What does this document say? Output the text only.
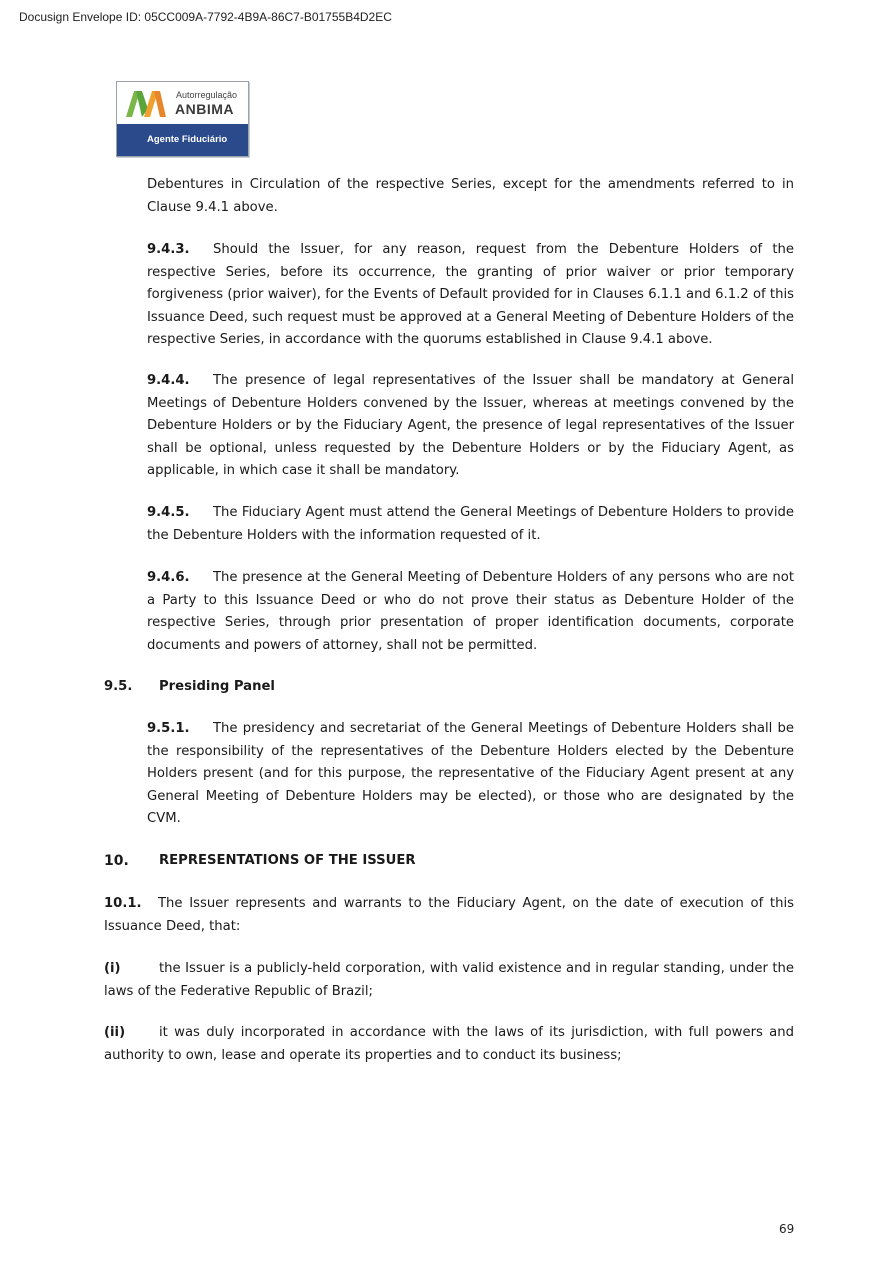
Docusign Envelope ID: 05CC009A-7792-4B9A-86C7-B01755B4D2EC
Autorregulação
ANBIMA
Agente Fiduciário

Debentures in Circulation of the respective Series, except for the amendments referred to in Clause 9.4.1 above.

9.4.3. Should the Issuer, for any reason, request from the Debenture Holders of the respective Series, before its occurrence, the granting of prior waiver or prior temporary forgiveness (prior waiver), for the Events of Default provided for in Clauses 6.1.1 and 6.1.2 of this Issuance Deed, such request must be approved at a General Meeting of Debenture Holders of the respective Series, in accordance with the quorums established in Clause 9.4.1 above.

9.4.4. The presence of legal representatives of the Issuer shall be mandatory at General Meetings of Debenture Holders convened by the Issuer, whereas at meetings convened by the Debenture Holders or by the Fiduciary Agent, the presence of legal representatives of the Issuer shall be optional, unless requested by the Debenture Holders or by the Fiduciary Agent, as applicable, in which case it shall be mandatory.

9.4.5. The Fiduciary Agent must attend the General Meetings of Debenture Holders to provide the Debenture Holders with the information requested of it.

9.4.6. The presence at the General Meeting of Debenture Holders of any persons who are not a Party to this Issuance Deed or who do not prove their status as Debenture Holder of the respective Series, through prior presentation of proper identification documents, corporate documents and powers of attorney, shall not be permitted.

9.5. Presiding Panel

9.5.1. The presidency and secretariat of the General Meetings of Debenture Holders shall be the responsibility of the representatives of the Debenture Holders elected by the Debenture Holders present (and for this purpose, the representative of the Fiduciary Agent present at any General Meeting of Debenture Holders may be elected), or those who are designated by the CVM.

10. REPRESENTATIONS OF THE ISSUER

10.1. The Issuer represents and warrants to the Fiduciary Agent, on the date of execution of this Issuance Deed, that:

(i)	the Issuer is a publicly-held corporation, with valid existence and in regular standing, under the laws of the Federative Republic of Brazil;

(ii)	it was duly incorporated in accordance with the laws of its jurisdiction, with full powers and authority to own, lease and operate its properties and to conduct its business;

69
